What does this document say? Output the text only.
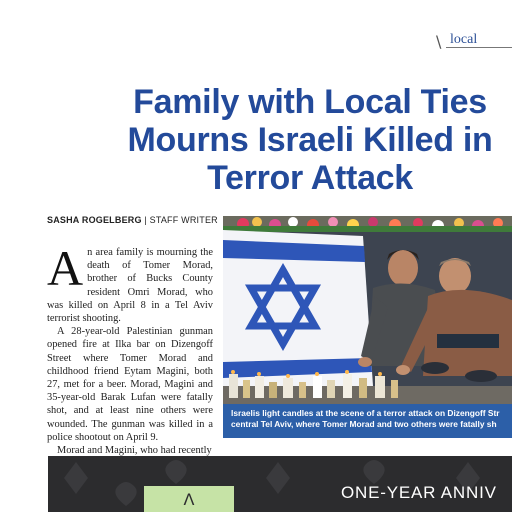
\ local
Family with Local Ties
Mourns Israeli Killed in
Terror Attack
SASHA ROGELBERG | STAFF WRITER

An area family is mourning the death of Tomer Morad, brother of Bucks County resident Omri Morad, who was killed on April 8 in a Tel Aviv terrorist shooting.

A 28-year-old Palestinian gunman opened fire at Ilka bar on Dizengoff Street where Tomer Morad and childhood friend Eytam Magini, both 27, met for a beer. Morad, Magini and 35-year-old Barak Lufan were fatally shot, and at least nine others were wounded. The gunman was killed in a police shootout on April 9.

Morad and Magini, who had recently

Israelis light candles at the scene of a terror attack on Dizengoff Str
central Tel Aviv, where Tomer Morad and two others were fatally sh
Λ	ONE-YEAR ANNIV
